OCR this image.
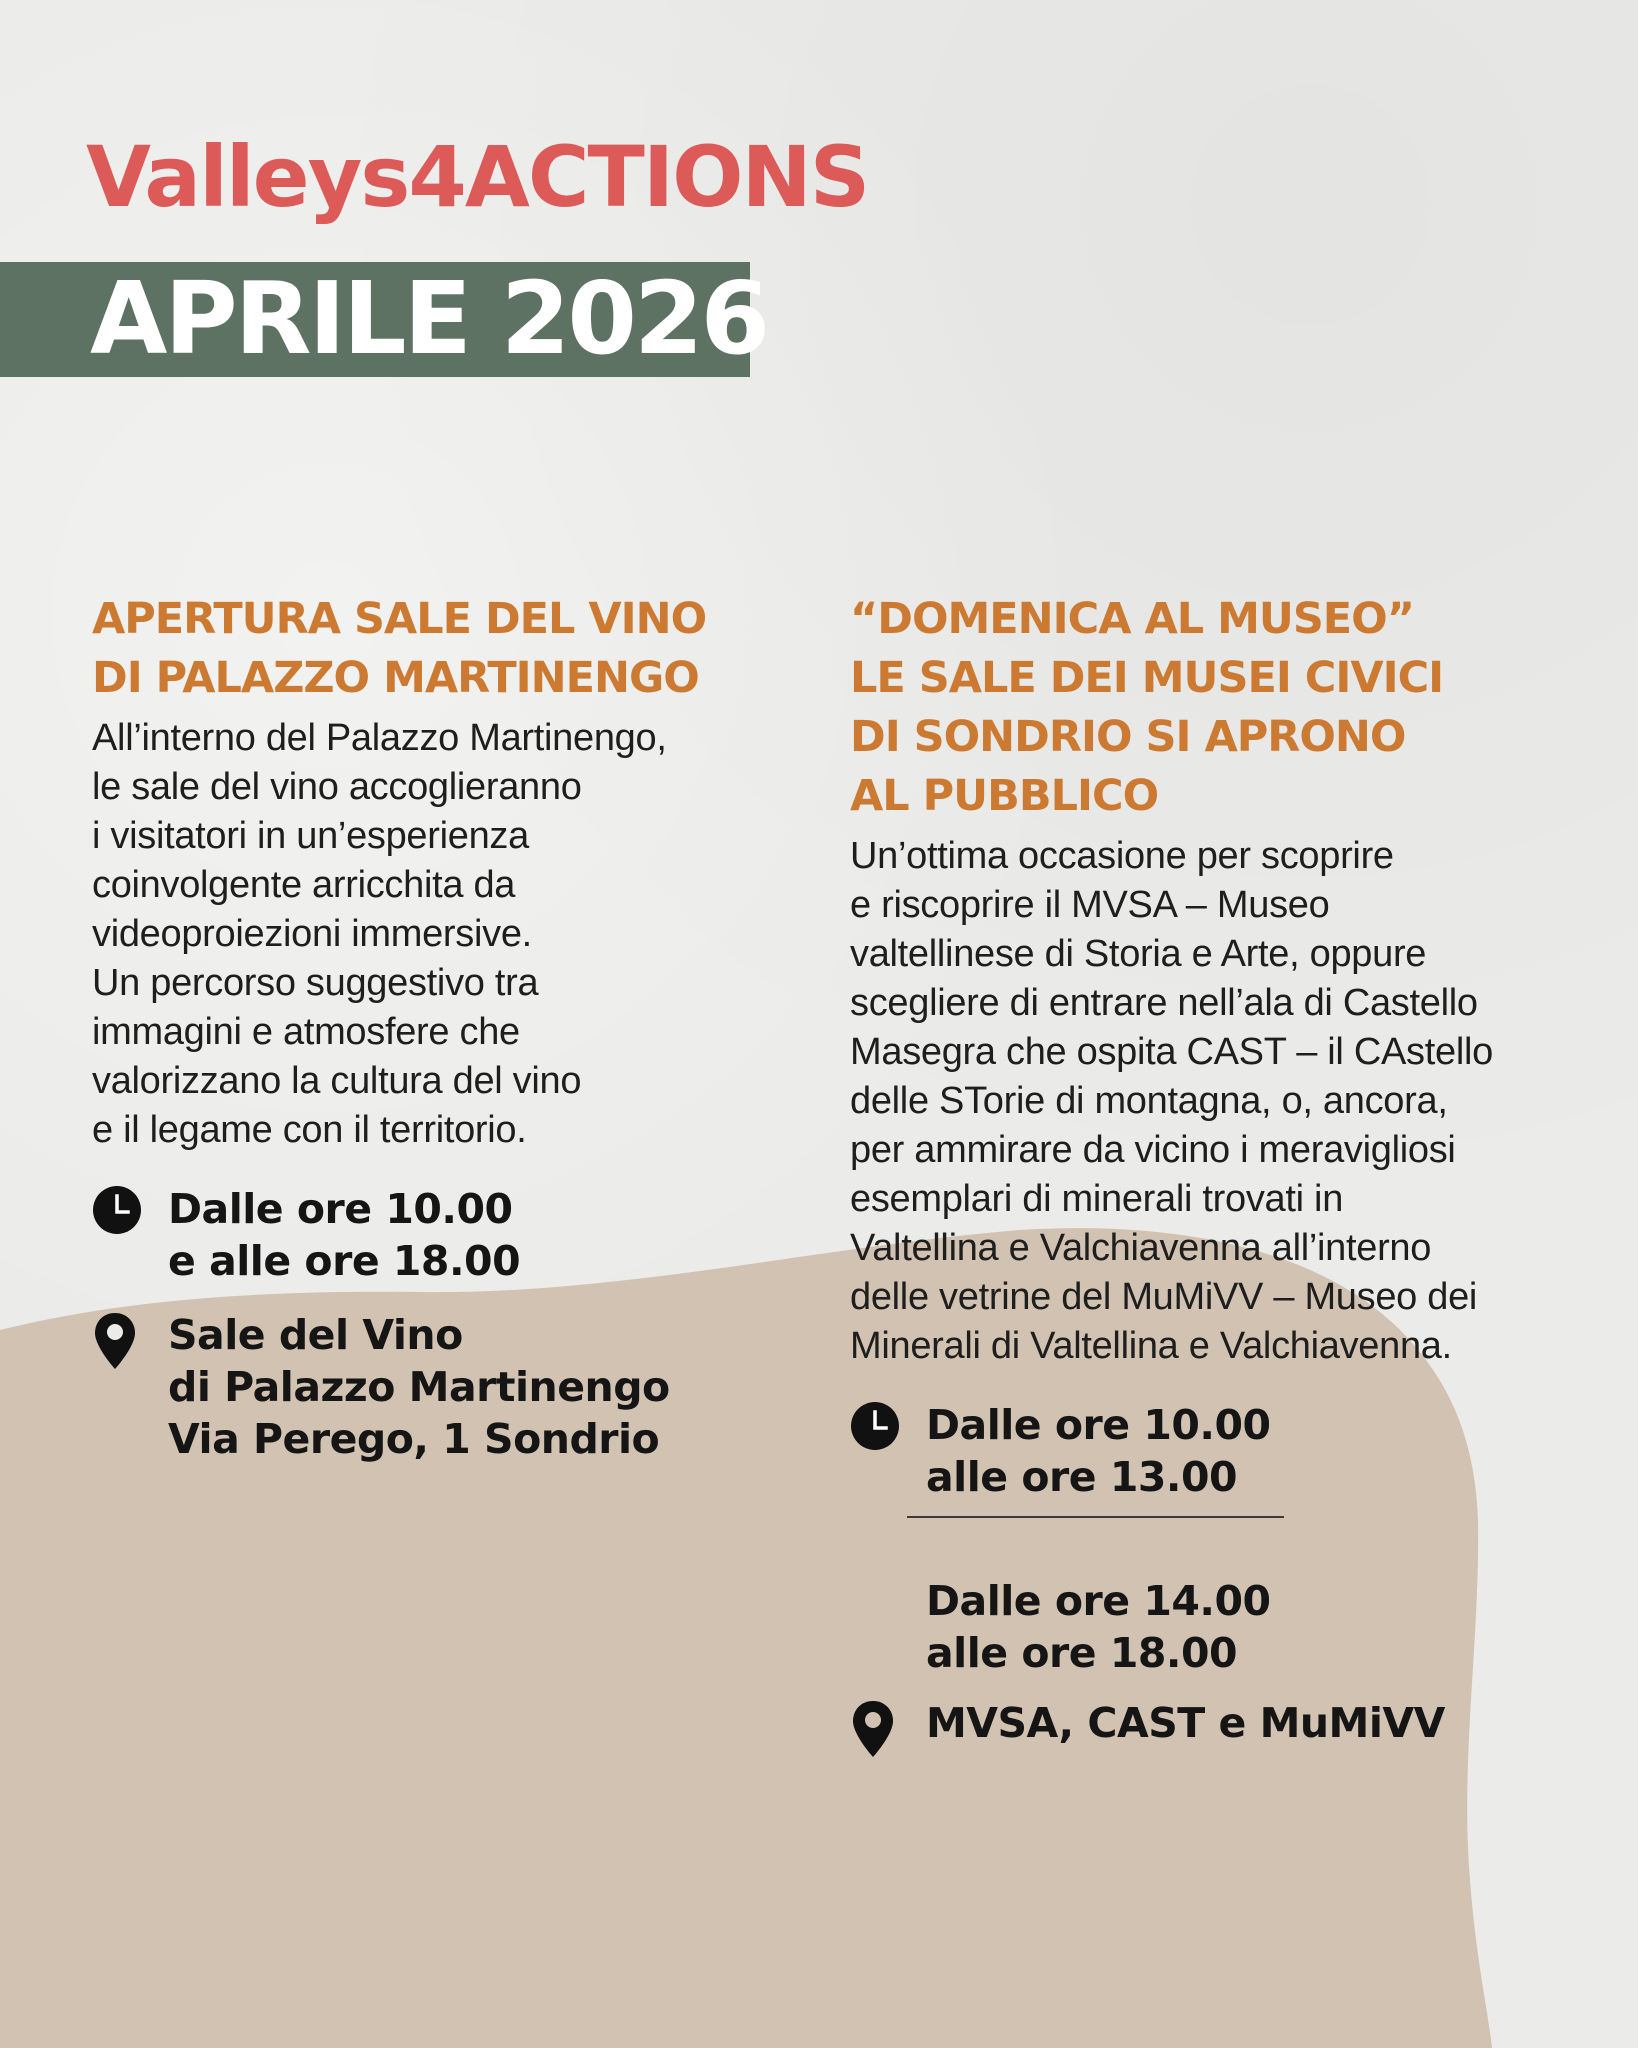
Valleys4ACTIONS
APRILE 2026
APERTURA SALE DEL VINO
DI PALAZZO MARTINENGO

All’interno del Palazzo Martinengo,
le sale del vino accoglieranno
i visitatori in un’esperienza
coinvolgente arricchita da
videoproiezioni immersive.
Un percorso suggestivo tra
immagini e atmosfere che
valorizzano la cultura del vino
e il legame con il territorio.

Dalle ore 10.00
e alle ore 18.00
Sale del Vino
di Palazzo Martinengo
Via Perego, 1 Sondrio
“DOMENICA AL MUSEO”
LE SALE DEI MUSEI CIVICI
DI SONDRIO SI APRONO
AL PUBBLICO

Un’ottima occasione per scoprire
e riscoprire il MVSA – Museo
valtellinese di Storia e Arte, oppure
scegliere di entrare nell’ala di Castello
Masegra che ospita CAST – il CAstello
delle STorie di montagna, o, ancora,
per ammirare da vicino i meravigliosi
esemplari di minerali trovati in
Valtellina e Valchiavenna all’interno
delle vetrine del MuMiVV – Museo dei
Minerali di Valtellina e Valchiavenna.

Dalle ore 10.00
alle ore 13.00
Dalle ore 14.00
alle ore 18.00
MVSA, CAST e MuMiVV
